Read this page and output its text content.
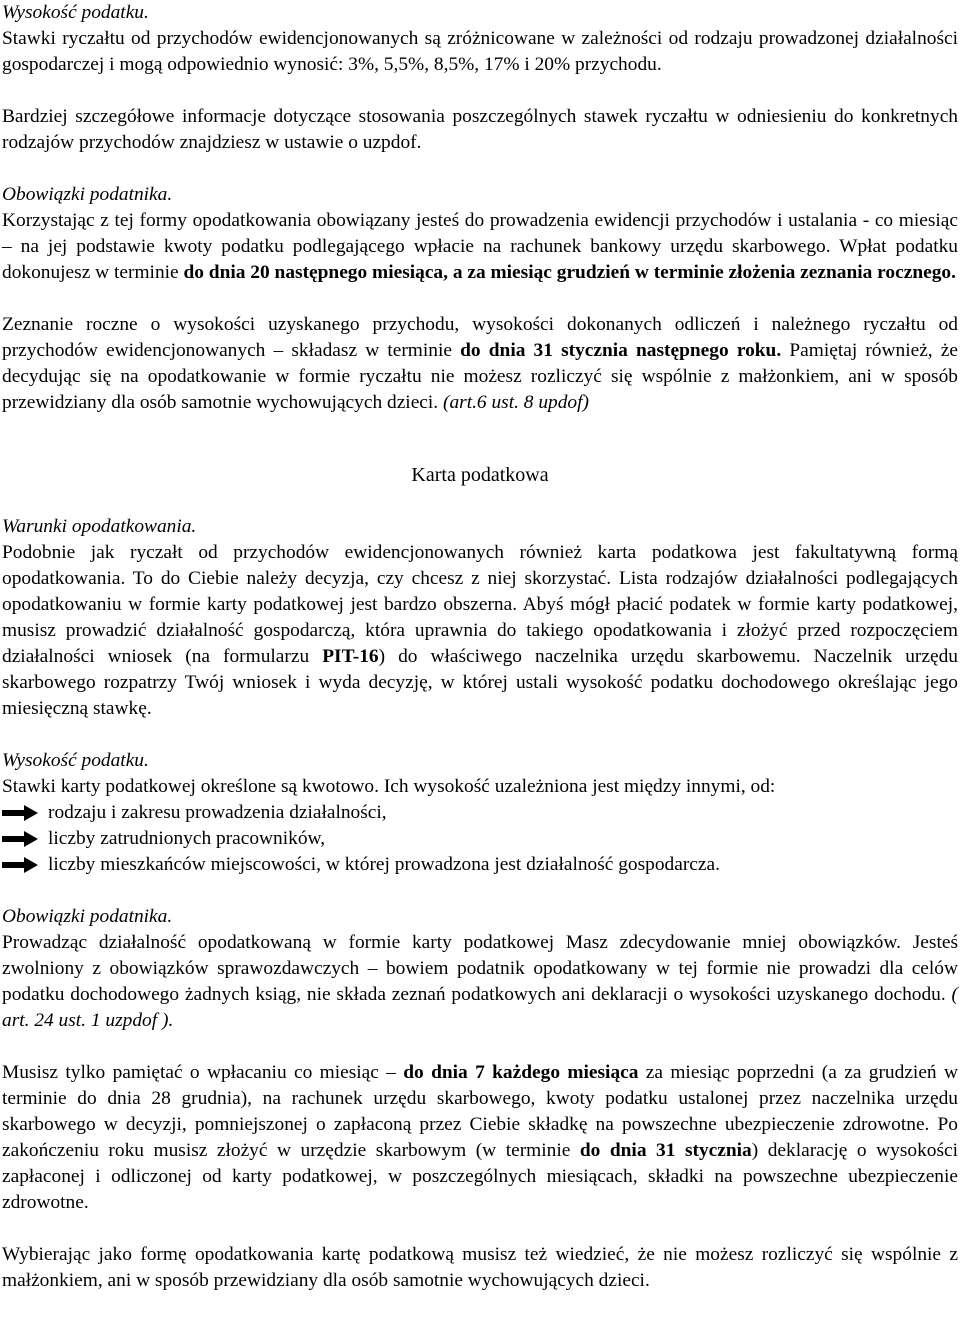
Wysokość podatku.

Stawki ryczałtu od przychodów ewidencjonowanych są zróżnicowane w zależności od rodzaju prowadzonej działalności gospodarczej i mogą odpowiednio wynosić: 3%, 5,5%, 8,5%, 17% i 20% przychodu.

Bardziej szczegółowe informacje dotyczące stosowania poszczególnych stawek ryczałtu w odniesieniu do konkretnych rodzajów przychodów znajdziesz w ustawie o uzpdof.

Obowiązki podatnika.

Korzystając z tej formy opodatkowania obowiązany jesteś do prowadzenia ewidencji przychodów i ustalania - co miesiąc – na jej podstawie kwoty podatku podlegającego wpłacie na rachunek bankowy urzędu skarbowego. Wpłat podatku dokonujesz w terminie do dnia 20 następnego miesiąca, a za miesiąc grudzień w terminie złożenia zeznania rocznego.

Zeznanie roczne o wysokości uzyskanego przychodu, wysokości dokonanych odliczeń i należnego ryczałtu od przychodów ewidencjonowanych – składasz w terminie do dnia 31 stycznia następnego roku. Pamiętaj również, że decydując się na opodatkowanie w formie ryczałtu nie możesz rozliczyć się wspólnie z małżonkiem, ani w sposób przewidziany dla osób samotnie wychowujących dzieci. (art.6 ust. 8 updof)

Karta podatkowa

Warunki opodatkowania.

Podobnie jak ryczałt od przychodów ewidencjonowanych również karta podatkowa jest fakultatywną formą opodatkowania. To do Ciebie należy decyzja, czy chcesz z niej skorzystać. Lista rodzajów działalności podlegających opodatkowaniu w formie karty podatkowej jest bardzo obszerna. Abyś mógł płacić podatek w formie karty podatkowej, musisz prowadzić działalność gospodarczą, która uprawnia do takiego opodatkowania i złożyć przed rozpoczęciem działalności wniosek (na formularzu PIT-16) do właściwego naczelnika urzędu skarbowemu. Naczelnik urzędu skarbowego rozpatrzy Twój wniosek i wyda decyzję, w której ustali wysokość podatku dochodowego określając jego miesięczną stawkę.

Wysokość podatku.

Stawki karty podatkowej określone są kwotowo. Ich wysokość uzależniona jest między innymi, od:

rodzaju i zakresu prowadzenia działalności,
liczby zatrudnionych pracowników,
liczby mieszkańców miejscowości, w której prowadzona jest działalność gospodarcza.

Obowiązki podatnika.

Prowadząc działalność opodatkowaną w formie karty podatkowej Masz zdecydowanie mniej obowiązków. Jesteś zwolniony z obowiązków sprawozdawczych – bowiem podatnik opodatkowany w tej formie nie prowadzi dla celów podatku dochodowego żadnych ksiąg, nie składa zeznań podatkowych ani deklaracji o wysokości uzyskanego dochodu. ( art. 24 ust. 1 uzpdof ).

Musisz tylko pamiętać o wpłacaniu co miesiąc – do dnia 7 każdego miesiąca za miesiąc poprzedni (a za grudzień w terminie do dnia 28 grudnia), na rachunek urzędu skarbowego, kwoty podatku ustalonej przez naczelnika urzędu skarbowego w decyzji, pomniejszonej o zapłaconą przez Ciebie składkę na powszechne ubezpieczenie zdrowotne. Po zakończeniu roku musisz złożyć w urzędzie skarbowym (w terminie do dnia 31 stycznia) deklarację o wysokości zapłaconej i odliczonej od karty podatkowej, w poszczególnych miesiącach, składki na powszechne ubezpieczenie zdrowotne.

Wybierając jako formę opodatkowania kartę podatkową musisz też wiedzieć, że nie możesz rozliczyć się wspólnie z małżonkiem, ani w sposób przewidziany dla osób samotnie wychowujących dzieci.
